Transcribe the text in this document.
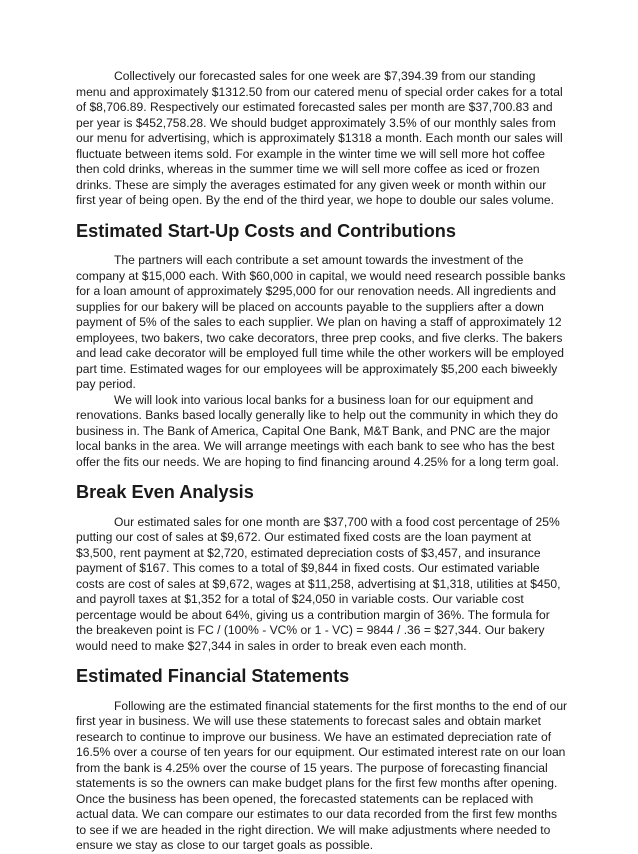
Collectively our forecasted sales for one week are $7,394.39 from our standing menu and approximately $1312.50 from our catered menu of special order cakes for a total of $8,706.89. Respectively our estimated forecasted sales per month are $37,700.83 and per year is $452,758.28. We should budget approximately 3.5% of our monthly sales from our menu for advertising, which is approximately $1318 a month. Each month our sales will fluctuate between items sold. For example in the winter time we will sell more hot coffee then cold drinks, whereas in the summer time we will sell more coffee as iced or frozen drinks. These are simply the averages estimated for any given week or month within our first year of being open. By the end of the third year, we hope to double our sales volume.

Estimated Start-Up Costs and Contributions

The partners will each contribute a set amount towards the investment of the company at $15,000 each. With $60,000 in capital, we would need research possible banks for a loan amount of approximately $295,000 for our renovation needs. All ingredients and supplies for our bakery will be placed on accounts payable to the suppliers after a down payment of 5% of the sales to each supplier. We plan on having a staff of approximately 12 employees, two bakers, two cake decorators, three prep cooks, and five clerks. The bakers and lead cake decorator will be employed full time while the other workers will be employed part time. Estimated wages for our employees will be approximately $5,200 each biweekly pay period.

We will look into various local banks for a business loan for our equipment and renovations. Banks based locally generally like to help out the community in which they do business in. The Bank of America, Capital One Bank, M&T Bank, and PNC are the major local banks in the area. We will arrange meetings with each bank to see who has the best offer the fits our needs. We are hoping to find financing around 4.25% for a long term goal.

Break Even Analysis

Our estimated sales for one month are $37,700 with a food cost percentage of 25% putting our cost of sales at $9,672. Our estimated fixed costs are the loan payment at $3,500, rent payment at $2,720, estimated depreciation costs of $3,457, and insurance payment of $167. This comes to a total of $9,844 in fixed costs. Our estimated variable costs are cost of sales at $9,672, wages at $11,258, advertising at $1,318, utilities at $450, and payroll taxes at $1,352 for a total of $24,050 in variable costs. Our variable cost percentage would be about 64%, giving us a contribution margin of 36%. The formula for the breakeven point is FC / (100% - VC% or 1 - VC) = 9844 / .36 = $27,344. Our bakery would need to make $27,344 in sales in order to break even each month.

Estimated Financial Statements

Following are the estimated financial statements for the first months to the end of our first year in business. We will use these statements to forecast sales and obtain market research to continue to improve our business. We have an estimated depreciation rate of 16.5% over a course of ten years for our equipment. Our estimated interest rate on our loan from the bank is 4.25% over the course of 15 years. The purpose of forecasting financial statements is so the owners can make budget plans for the first few months after opening. Once the business has been opened, the forecasted statements can be replaced with actual data. We can compare our estimates to our data recorded from the first few months to see if we are headed in the right direction. We will make adjustments where needed to ensure we stay as close to our target goals as possible.
